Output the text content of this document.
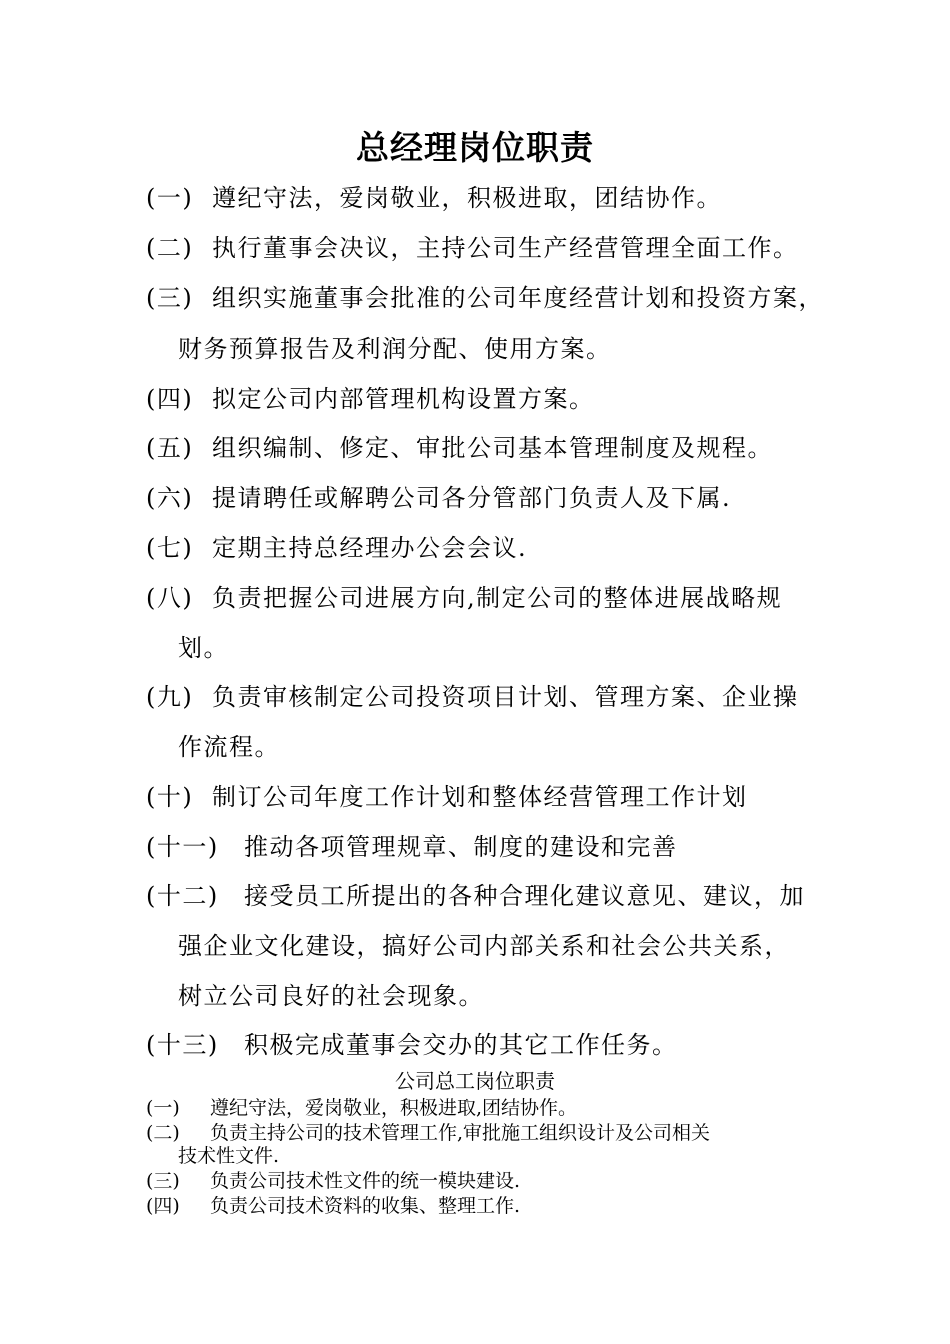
总经理岗位职责
(一) 遵纪守法，爱岗敬业，积极进取，团结协作。
(二) 执行董事会决议，主持公司生产经营管理全面工作。
(三) 组织实施董事会批准的公司年度经营计划和投资方案，
财务预算报告及利润分配、使用方案。
(四) 拟定公司内部管理机构设置方案。
(五) 组织编制、修定、审批公司基本管理制度及规程。
(六) 提请聘任或解聘公司各分管部门负责人及下属.
(七) 定期主持总经理办公会会议.
(八) 负责把握公司进展方向,制定公司的整体进展战略规
划。
(九) 负责审核制定公司投资项目计划、管理方案、企业操
作流程。
(十) 制订公司年度工作计划和整体经营管理工作计划
(十一) 推动各项管理规章、制度的建设和完善
(十二) 接受员工所提出的各种合理化建议意见、建议，加
强企业文化建设，搞好公司内部关系和社会公共关系，
树立公司良好的社会现象。
(十三) 积极完成董事会交办的其它工作任务。
公司总工岗位职责
(一) 遵纪守法，爱岗敬业，积极进取,团结协作。
(二) 负责主持公司的技术管理工作,审批施工组织设计及公司相关
技术性文件.
(三) 负责公司技术性文件的统一模块建设.
(四) 负责公司技术资料的收集、整理工作.
